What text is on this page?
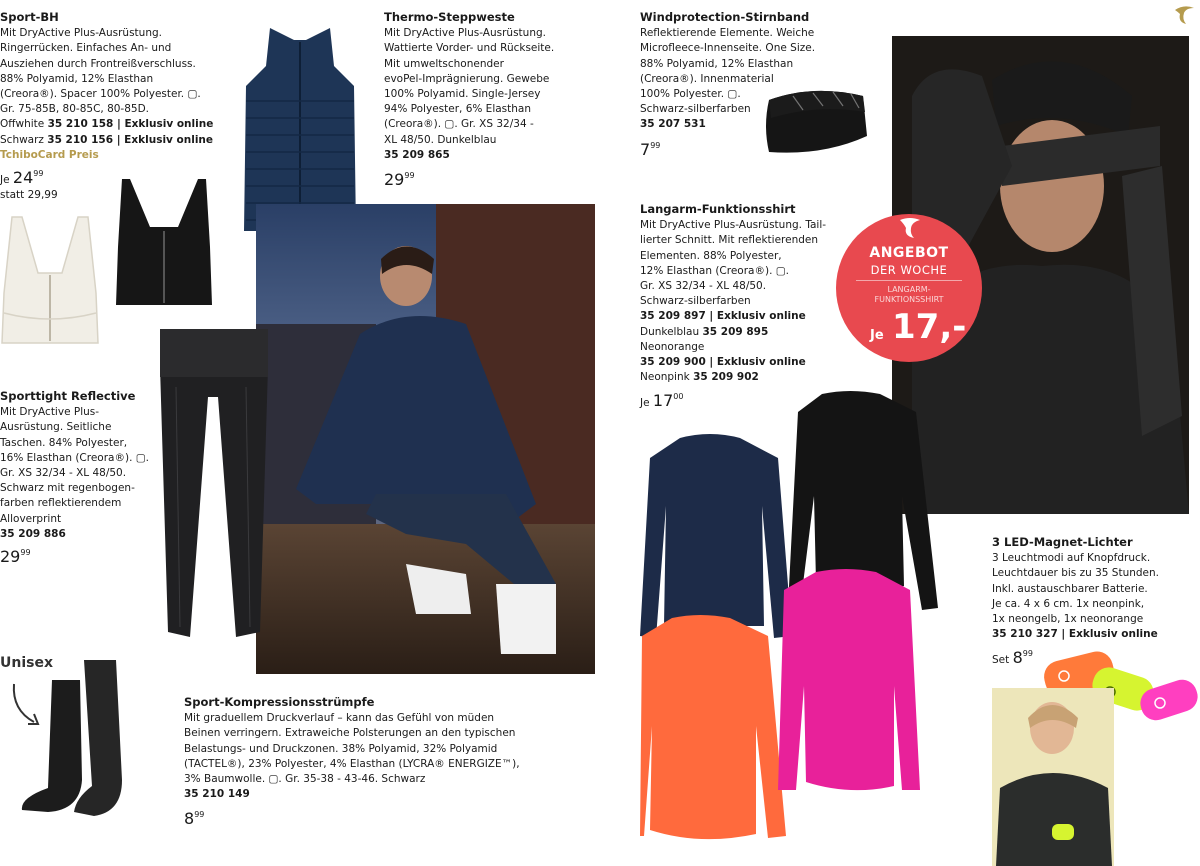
Sport-BH
Mit DryActive Plus-Ausrüstung.
Ringerrücken. Einfaches An- und
Ausziehen durch Frontreißverschluss.
88% Polyamid, 12% Elasthan
(Creora®). Spacer 100% Polyester. ▢.
Gr. 75-85B, 80-85C, 80-85D.
Offwhite 35 210 158 | Exklusiv online
Schwarz 35 210 156 | Exklusiv online
TchiboCard Preis
Je $24^{99}$
statt 29,99
Thermo-Steppweste
Mit DryActive Plus-Ausrüstung.
Wattierte Vorder- und Rückseite.
Mit umweltschonender
evoPel-Imprägnierung. Gewebe
100% Polyamid. Single-Jersey
94% Polyester, 6% Elasthan
(Creora®). ▢. Gr. XS 32/34 -
XL 48/50. Dunkelblau
35 209 865
$29^{99}$
Sporttight Reflective
Mit DryActive Plus-
Ausrüstung. Seitliche
Taschen. 84% Polyester,
16% Elasthan (Creora®). ▢.
Gr. XS 32/34 - XL 48/50.
Schwarz mit regenbogen-
farben reflektierendem
Alloverprint
35 209 886
$29^{99}$
Unisex
Sport-Kompressionsstrümpfe
Mit graduellem Druckverlauf – kann das Gefühl von müden
Beinen verringern. Extraweiche Polsterungen an den typischen
Belastungs- und Druckzonen. 38% Polyamid, 32% Polyamid
(TACTEL®), 23% Polyester, 4% Elasthan (LYCRA® ENERGIZE™),
3% Baumwolle. ▢. Gr. 35-38 - 43-46. Schwarz
35 210 149
$8^{99}$
Windprotection-Stirnband
Reflektierende Elemente. Weiche
Microfleece-Innenseite. One Size.
88% Polyamid, 12% Elasthan
(Creora®). Innenmaterial
100% Polyester. ▢.
Schwarz-silberfarben
35 207 531
$7^{99}$
ANGEBOT
DER WOCHE
LANGARM-
FUNKTIONSSHIRT
Je 17,-
Langarm-Funktionsshirt
Mit DryActive Plus-Ausrüstung. Tail-
lierter Schnitt. Mit reflektierenden
Elementen. 88% Polyester,
12% Elasthan (Creora®). ▢.
Gr. XS 32/34 - XL 48/50.
Schwarz-silberfarben
35 209 897 | Exklusiv online
Dunkelblau 35 209 895
Neonorange
35 209 900 | Exklusiv online
Neonpink 35 209 902
Je $17^{00}$
3 LED-Magnet-Lichter
3 Leuchtmodi auf Knopfdruck.
Leuchtdauer bis zu 35 Stunden.
Inkl. austauschbarer Batterie.
Je ca. 4 x 6 cm. 1x neonpink,
1x neongelb, 1x neonorange
35 210 327 | Exklusiv online
Set $8^{99}$
